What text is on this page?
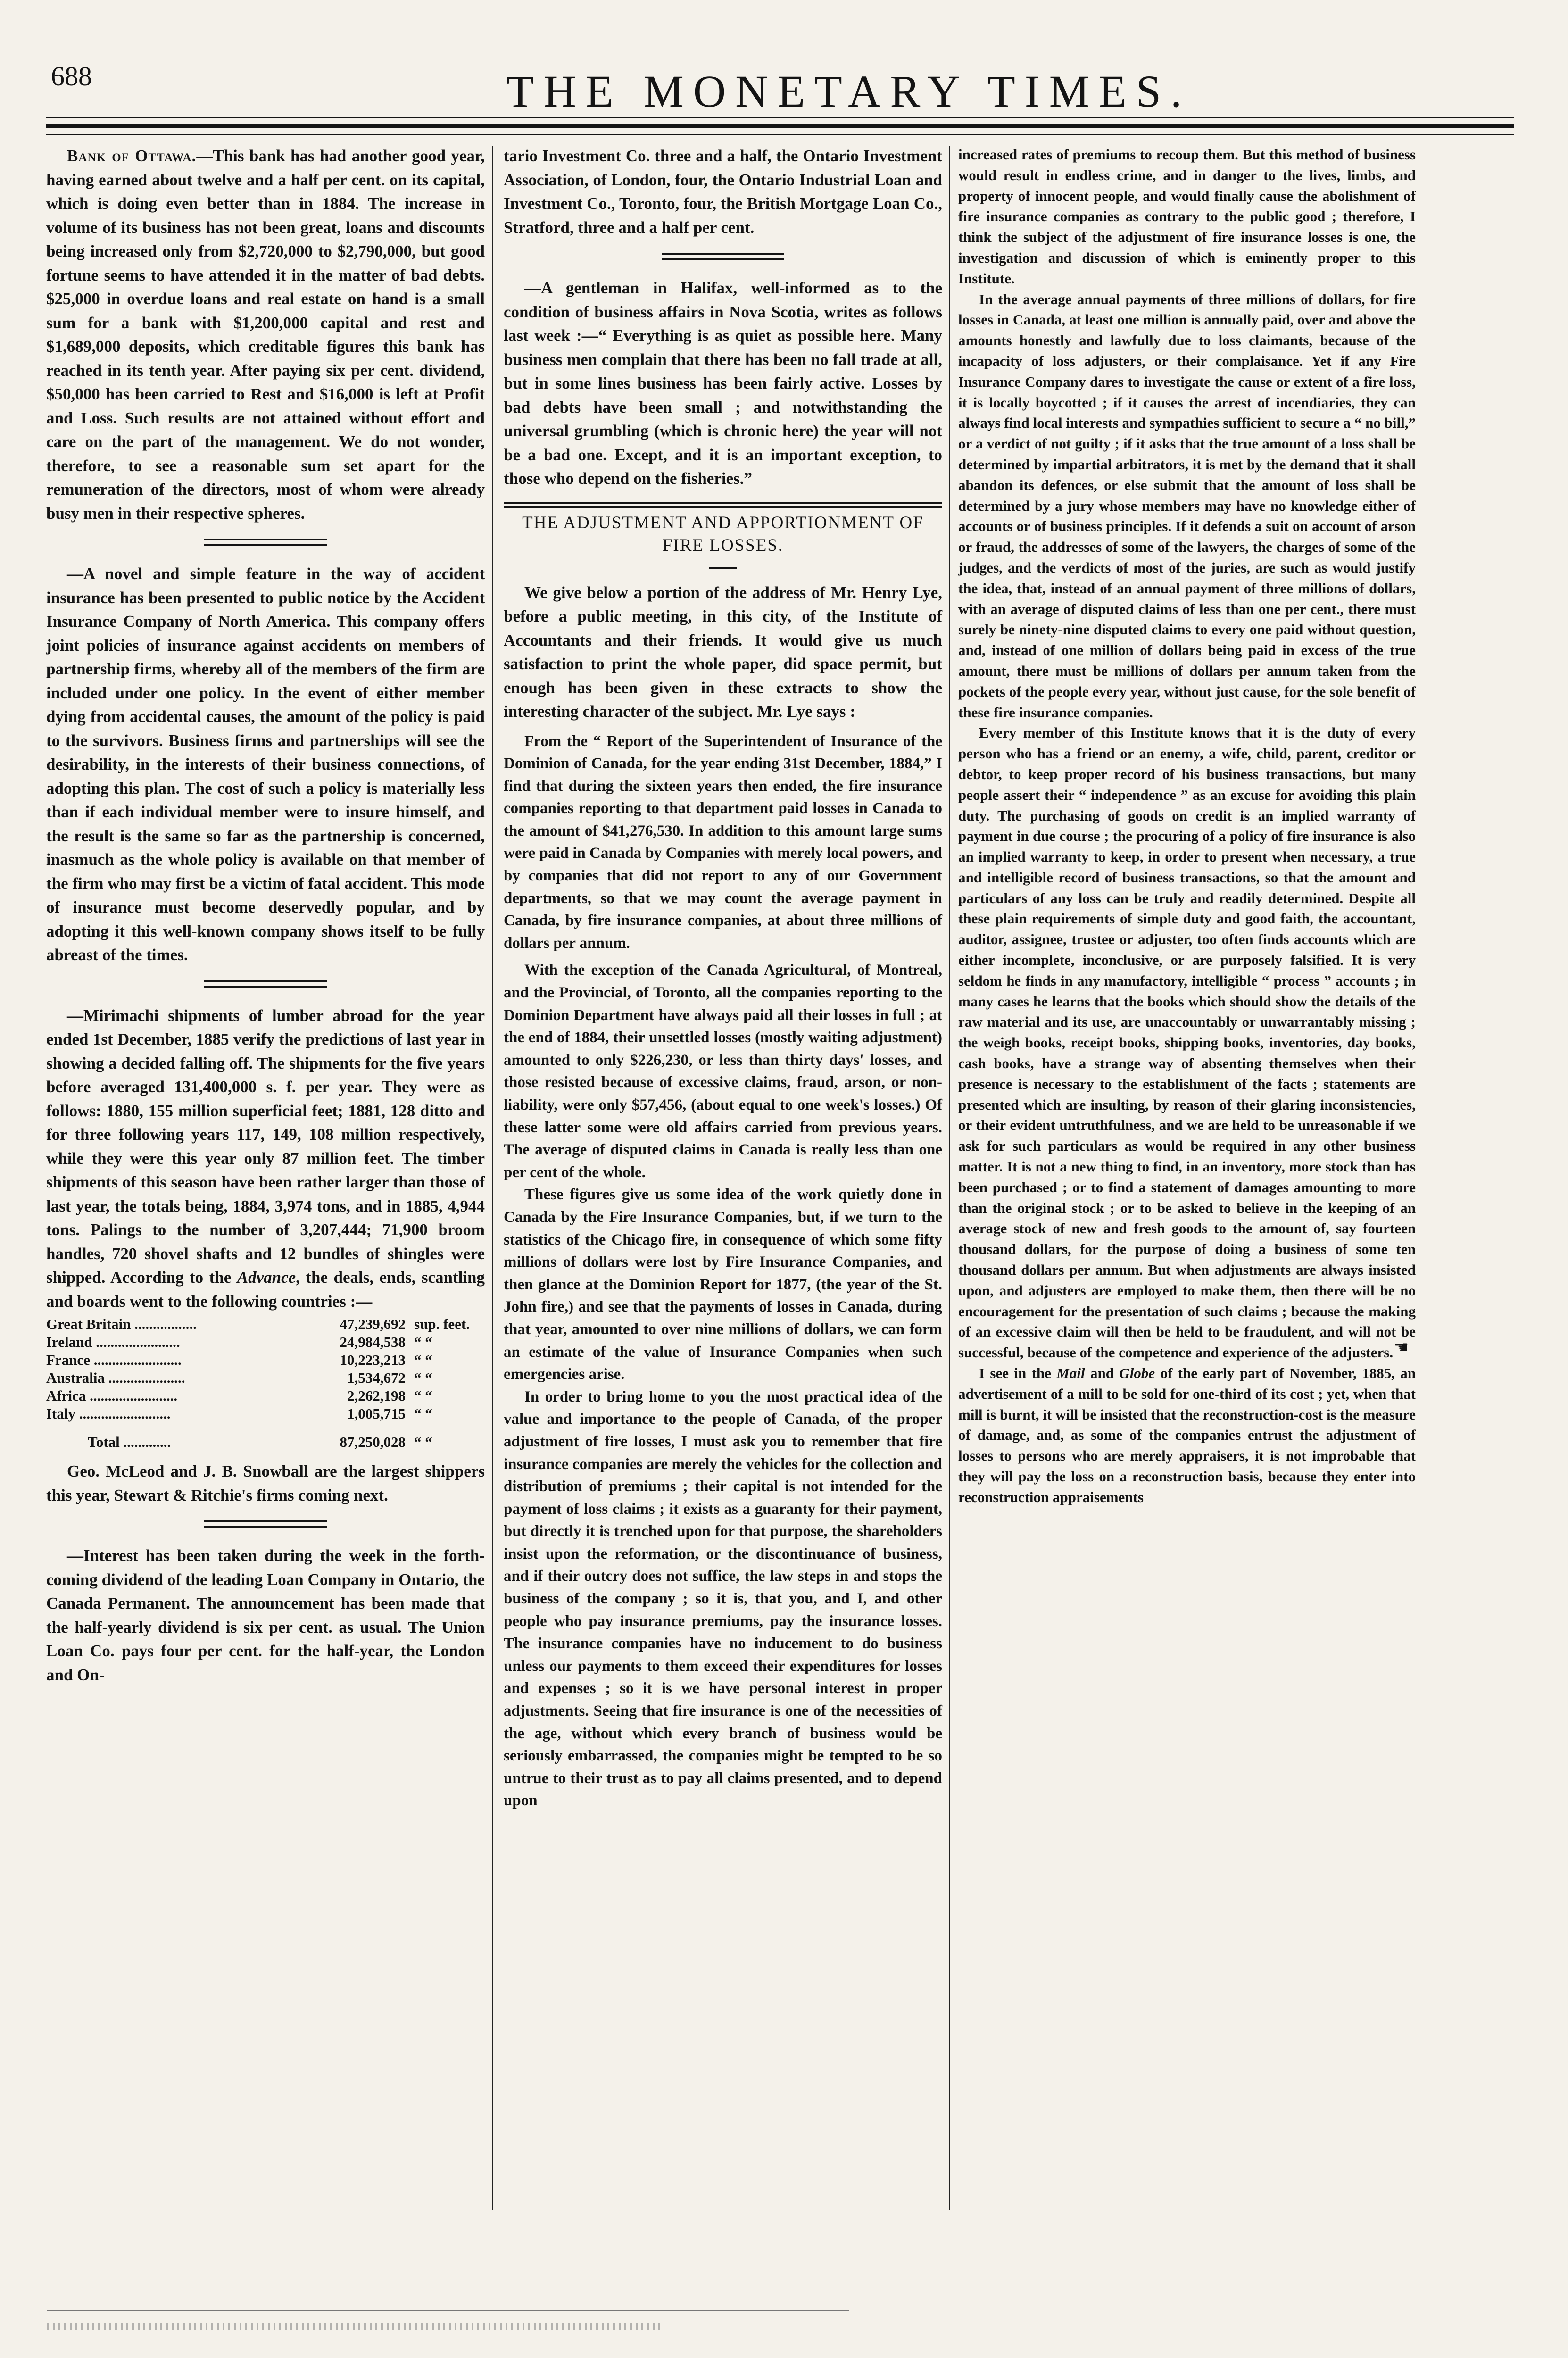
688	THE MONETARY TIMES.

Bank of Ottawa.—This bank has had another good year, having earned about twelve and a half per cent. on its capital, which is doing even better than in 1884. The increase in volume of its business has not been great, loans and discounts being increased only from $2,720,000 to $2,790,000, but good fortune seems to have attended it in the matter of bad debts. $25,000 in overdue loans and real estate on hand is a small sum for a bank with $1,200,000 capital and rest and $1,689,000 deposits, which creditable figures this bank has reached in its tenth year. After paying six per cent. dividend, $50,000 has been carried to Rest and $16,000 is left at Profit and Loss. Such results are not attained without effort and care on the part of the management. We do not wonder, therefore, to see a reasonable sum set apart for the remuneration of the directors, most of whom were already busy men in their respective spheres.

—A novel and simple feature in the way of accident insurance has been presented to public notice by the Accident Insurance Company of North America. This company offers joint policies of insurance against accidents on members of partnership firms, whereby all of the members of the firm are included under one policy. In the event of either member dying from accidental causes, the amount of the policy is paid to the survivors. Business firms and partnerships will see the desirability, in the interests of their business connections, of adopting this plan. The cost of such a policy is materially less than if each individual member were to insure himself, and the result is the same so far as the partnership is concerned, inasmuch as the whole policy is available on that member of the firm who may first be a victim of fatal accident. This mode of insurance must become deservedly popular, and by adopting it this well-known company shows itself to be fully abreast of the times.

—Mirimachi shipments of lumber abroad for the year ended 1st December, 1885 verify the predictions of last year in showing a decided falling off. The shipments for the five years before averaged 131,400,000 s. f. per year. They were as follows: 1880, 155 million superficial feet; 1881, 128 ditto and for three following years 117, 149, 108 million respectively, while they were this year only 87 million feet. The timber shipments of this season have been rather larger than those of last year, the totals being, 1884, 3,974 tons, and in 1885, 4,944 tons. Palings to the number of 3,207,444; 71,900 broom handles, 720 shovel shafts and 12 bundles of shingles were shipped. According to the Advance, the deals, ends, scantling and boards went to the following countries :—

Great Britain .................	47,239,692	sup. feet.
Ireland .......................	24,984,538	“ “
France ........................	10,223,213	“ “
Australia .....................	1,534,672	“ “
Africa ........................	2,262,198	“ “
Italy .........................	1,005,715	“ “
Total .............	87,250,028	“ “

Geo. McLeod and J. B. Snowball are the largest shippers this year, Stewart & Ritchie's firms coming next.

—Interest has been taken during the week in the forth-coming dividend of the leading Loan Company in Ontario, the Canada Permanent. The announcement has been made that the half-yearly dividend is six per cent. as usual. The Union Loan Co. pays four per cent. for the half-year, the London and On-

tario Investment Co. three and a half, the Ontario Investment Association, of London, four, the Ontario Industrial Loan and Investment Co., Toronto, four, the British Mortgage Loan Co., Stratford, three and a half per cent.

—A gentleman in Halifax, well-informed as to the condition of business affairs in Nova Scotia, writes as follows last week :—“ Everything is as quiet as possible here. Many business men complain that there has been no fall trade at all, but in some lines business has been fairly active. Losses by bad debts have been small ; and notwithstanding the universal grumbling (which is chronic here) the year will not be a bad one. Except, and it is an important exception, to those who depend on the fisheries.”

THE ADJUSTMENT AND APPORTIONMENT OF FIRE LOSSES.

We give below a portion of the address of Mr. Henry Lye, before a public meeting, in this city, of the Institute of Accountants and their friends. It would give us much satisfaction to print the whole paper, did space permit, but enough has been given in these extracts to show the interesting character of the subject. Mr. Lye says :

From the “ Report of the Superintendent of Insurance of the Dominion of Canada, for the year ending 31st December, 1884,” I find that during the sixteen years then ended, the fire insurance companies reporting to that department paid losses in Canada to the amount of $41,276,530. In addition to this amount large sums were paid in Canada by Companies with merely local powers, and by companies that did not report to any of our Government departments, so that we may count the average payment in Canada, by fire insurance companies, at about three millions of dollars per annum.

With the exception of the Canada Agricultural, of Montreal, and the Provincial, of Toronto, all the companies reporting to the Dominion Department have always paid all their losses in full ; at the end of 1884, their unsettled losses (mostly waiting adjustment) amounted to only $226,230, or less than thirty days' losses, and those resisted because of excessive claims, fraud, arson, or non-liability, were only $57,456, (about equal to one week's losses.) Of these latter some were old affairs carried from previous years. The average of disputed claims in Canada is really less than one per cent of the whole.

These figures give us some idea of the work quietly done in Canada by the Fire Insurance Companies, but, if we turn to the statistics of the Chicago fire, in consequence of which some fifty millions of dollars were lost by Fire Insurance Companies, and then glance at the Dominion Report for 1877, (the year of the St. John fire,) and see that the payments of losses in Canada, during that year, amounted to over nine millions of dollars, we can form an estimate of the value of Insurance Companies when such emergencies arise.

In order to bring home to you the most practical idea of the value and importance to the people of Canada, of the proper adjustment of fire losses, I must ask you to remember that fire insurance companies are merely the vehicles for the collection and distribution of premiums ; their capital is not intended for the payment of loss claims ; it exists as a guaranty for their payment, but directly it is trenched upon for that purpose, the shareholders insist upon the reformation, or the discontinuance of business, and if their outcry does not suffice, the law steps in and stops the business of the company ; so it is, that you, and I, and other people who pay insurance premiums, pay the insurance losses. The insurance companies have no inducement to do business unless our payments to them exceed their expenditures for losses and expenses ; so it is we have personal interest in proper adjustments. Seeing that fire insurance is one of the necessities of the age, without which every branch of business would be seriously embarrassed, the companies might be tempted to be so untrue to their trust as to pay all claims presented, and to depend upon

increased rates of premiums to recoup them. But this method of business would result in endless crime, and in danger to the lives, limbs, and property of innocent people, and would finally cause the abolishment of fire insurance companies as contrary to the public good ; therefore, I think the subject of the adjustment of fire insurance losses is one, the investigation and discussion of which is eminently proper to this Institute.

In the average annual payments of three millions of dollars, for fire losses in Canada, at least one million is annually paid, over and above the amounts honestly and lawfully due to loss claimants, because of the incapacity of loss adjusters, or their complaisance. Yet if any Fire Insurance Company dares to investigate the cause or extent of a fire loss, it is locally boycotted ; if it causes the arrest of incendiaries, they can always find local interests and sympathies sufficient to secure a “ no bill,” or a verdict of not guilty ; if it asks that the true amount of a loss shall be determined by impartial arbitrators, it is met by the demand that it shall abandon its defences, or else submit that the amount of loss shall be determined by a jury whose members may have no knowledge either of accounts or of business principles. If it defends a suit on account of arson or fraud, the addresses of some of the lawyers, the charges of some of the judges, and the verdicts of most of the juries, are such as would justify the idea, that, instead of an annual payment of three millions of dollars, with an average of disputed claims of less than one per cent., there must surely be ninety-nine disputed claims to every one paid without question, and, instead of one million of dollars being paid in excess of the true amount, there must be millions of dollars per annum taken from the pockets of the people every year, without just cause, for the sole benefit of these fire insurance companies.

Every member of this Institute knows that it is the duty of every person who has a friend or an enemy, a wife, child, parent, creditor or debtor, to keep proper record of his business transactions, but many people assert their “ independence ” as an excuse for avoiding this plain duty. The purchasing of goods on credit is an implied warranty of payment in due course ; the procuring of a policy of fire insurance is also an implied warranty to keep, in order to present when necessary, a true and intelligible record of business transactions, so that the amount and particulars of any loss can be truly and readily determined. Despite all these plain requirements of simple duty and good faith, the accountant, auditor, assignee, trustee or adjuster, too often finds accounts which are either incomplete, inconclusive, or are purposely falsified. It is very seldom he finds in any manufactory, intelligible “ process ” accounts ; in many cases he learns that the books which should show the details of the raw material and its use, are unaccountably or unwarrantably missing ; the weigh books, receipt books, shipping books, inventories, day books, cash books, have a strange way of absenting themselves when their presence is necessary to the establishment of the facts ; statements are presented which are insulting, by reason of their glaring inconsistencies, or their evident untruthfulness, and we are held to be unreasonable if we ask for such particulars as would be required in any other business matter. It is not a new thing to find, in an inventory, more stock than has been purchased ; or to find a statement of damages amounting to more than the original stock ; or to be asked to believe in the keeping of an average stock of new and fresh goods to the amount of, say fourteen thousand dollars, for the purpose of doing a business of some ten thousand dollars per annum. But when adjustments are always insisted upon, and adjusters are employed to make them, then there will be no encouragement for the presentation of such claims ; because the making of an excessive claim will then be held to be fraudulent, and will not be successful, because of the competence and experience of the adjusters.

I see in the Mail and Globe of the early part of November, 1885, an advertisement of a mill to be sold for one-third of its cost ; yet, when that mill is burnt, it will be insisted that the reconstruction-cost is the measure of damage, and, as some of the companies entrust the adjustment of losses to persons who are merely appraisers, it is not improbable that they will pay the loss on a reconstruction basis, because they enter into reconstruction appraisements

☚
